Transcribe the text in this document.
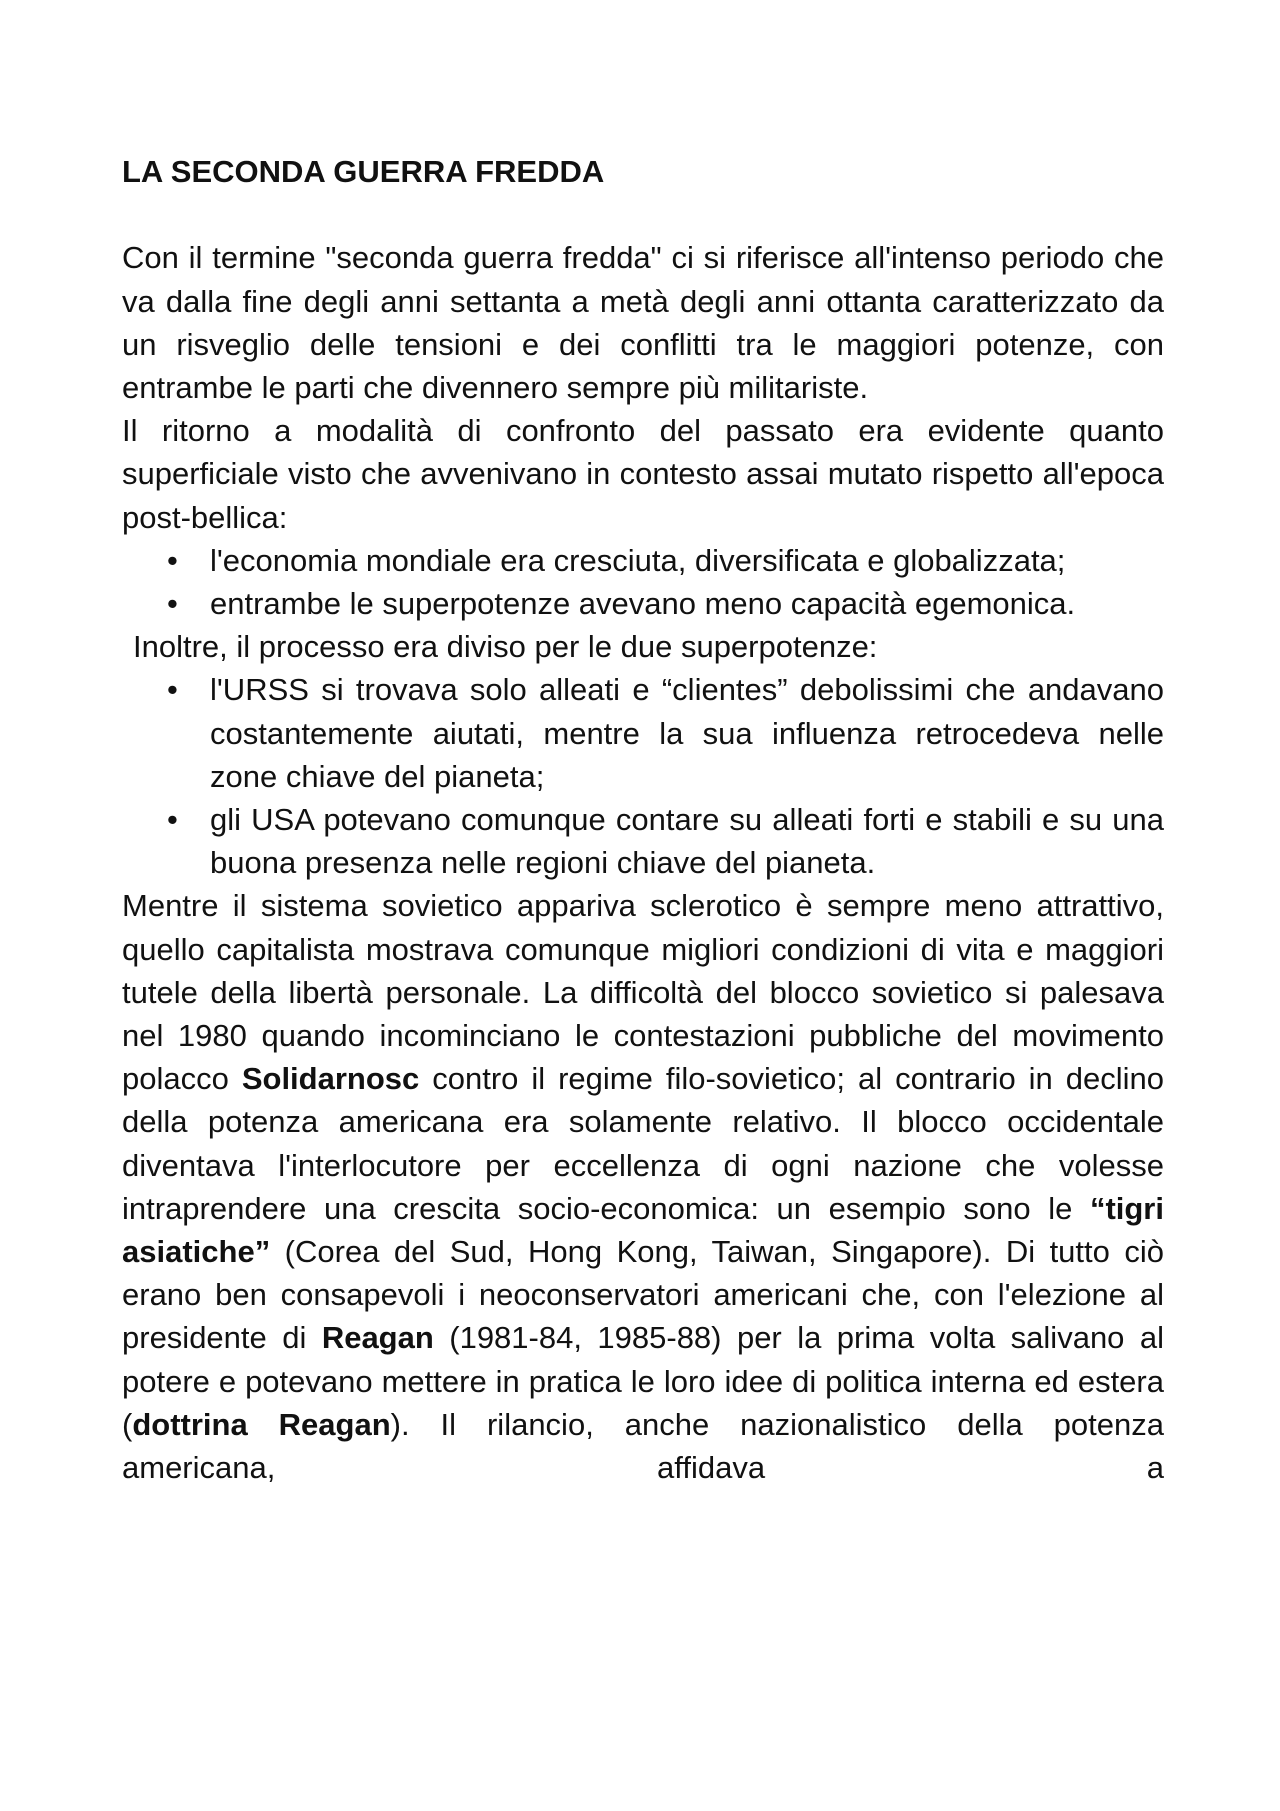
LA SECONDA GUERRA FREDDA

Con il termine "seconda guerra fredda" ci si riferisce all'intenso periodo che va dalla fine degli anni settanta a metà degli anni ottanta caratterizzato da un risveglio delle tensioni e dei conflitti tra le maggiori potenze, con entrambe le parti che divennero sempre più militariste.

Il ritorno a modalità di confronto del passato era evidente quanto superficiale visto che avvenivano in contesto assai mutato rispetto all'epoca post-bellica:

• l'economia mondiale era cresciuta, diversificata e globalizzata;
• entrambe le superpotenze avevano meno capacità egemonica.

Inoltre, il processo era diviso per le due superpotenze:

• l'URSS si trovava solo alleati e “clientes” debolissimi che andavano costantemente aiutati, mentre la sua influenza retrocedeva nelle zone chiave del pianeta;
• gli USA potevano comunque contare su alleati forti e stabili e su una buona presenza nelle regioni chiave del pianeta.

Mentre il sistema sovietico appariva sclerotico è sempre meno attrattivo, quello capitalista mostrava comunque migliori condizioni di vita e maggiori tutele della libertà personale. La difficoltà del blocco sovietico si palesava nel 1980 quando incominciano le contestazioni pubbliche del movimento polacco Solidarnosc contro il regime filo-sovietico; al contrario in declino della potenza americana era solamente relativo. Il blocco occidentale diventava l'interlocutore per eccellenza di ogni nazione che volesse intraprendere una crescita socio-economica: un esempio sono le “tigri asiatiche” (Corea del Sud, Hong Kong, Taiwan, Singapore). Di tutto ciò erano ben consapevoli i neoconservatori americani che, con l'elezione al presidente di Reagan (1981-84, 1985-88) per la prima volta salivano al potere e potevano mettere in pratica le loro idee di politica interna ed estera (dottrina Reagan). Il rilancio, anche nazionalistico della potenza americana, affidava a
